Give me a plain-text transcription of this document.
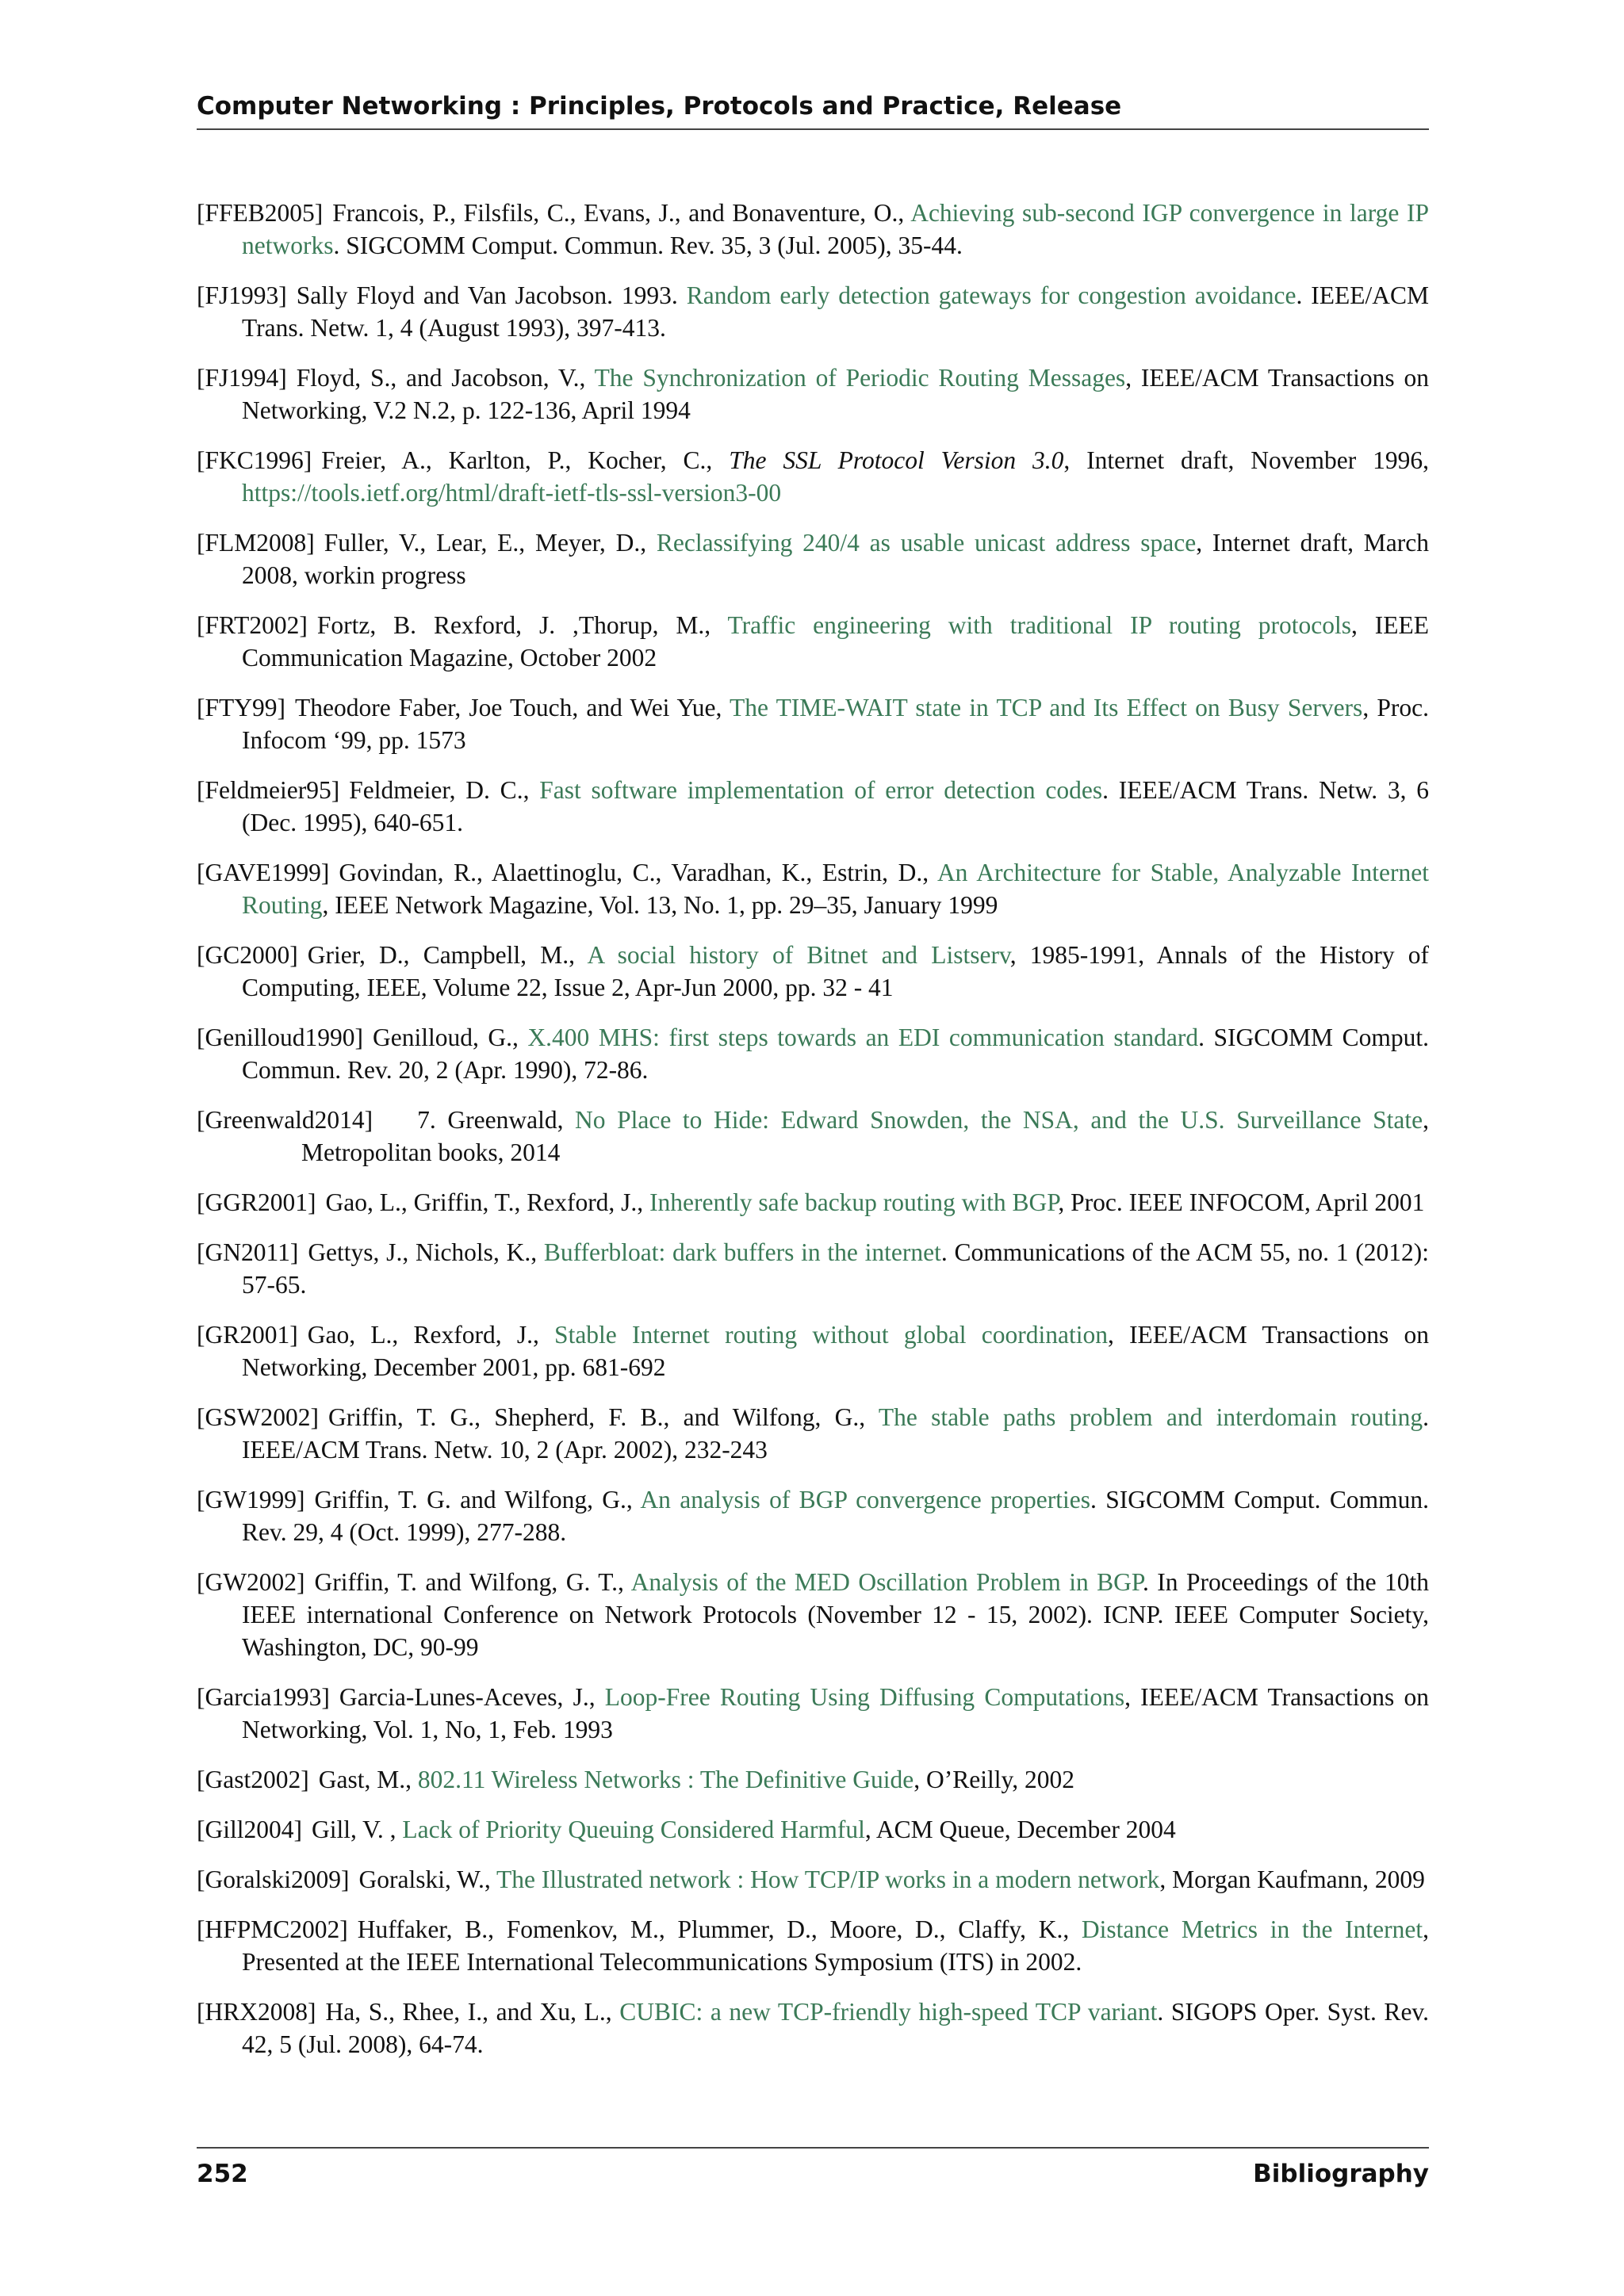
Computer Networking : Principles, Protocols and Practice, Release

[FFEB2005] Francois, P., Filsfils, C., Evans, J., and Bonaventure, O., Achieving sub-second IGP convergence in large IP networks. SIGCOMM Comput. Commun. Rev. 35, 3 (Jul. 2005), 35-44.

[FJ1993] Sally Floyd and Van Jacobson. 1993. Random early detection gateways for congestion avoidance. IEEE/ACM Trans. Netw. 1, 4 (August 1993), 397-413.

[FJ1994] Floyd, S., and Jacobson, V., The Synchronization of Periodic Routing Messages, IEEE/ACM Transactions on Networking, V.2 N.2, p. 122-136, April 1994

[FKC1996] Freier, A., Karlton, P., Kocher, C., The SSL Protocol Version 3.0, Internet draft, November 1996, https://tools.ietf.org/html/draft-ietf-tls-ssl-version3-00

[FLM2008] Fuller, V., Lear, E., Meyer, D., Reclassifying 240/4 as usable unicast address space, Internet draft, March 2008, workin progress

[FRT2002] Fortz, B. Rexford, J. ,Thorup, M., Traffic engineering with traditional IP routing protocols, IEEE Communication Magazine, October 2002

[FTY99] Theodore Faber, Joe Touch, and Wei Yue, The TIME-WAIT state in TCP and Its Effect on Busy Servers, Proc. Infocom ‘99, pp. 1573

[Feldmeier95] Feldmeier, D. C., Fast software implementation of error detection codes. IEEE/ACM Trans. Netw. 3, 6 (Dec. 1995), 640-651.

[GAVE1999] Govindan, R., Alaettinoglu, C., Varadhan, K., Estrin, D., An Architecture for Stable, Analyzable Internet Routing, IEEE Network Magazine, Vol. 13, No. 1, pp. 29–35, January 1999

[GC2000] Grier, D., Campbell, M., A social history of Bitnet and Listserv, 1985-1991, Annals of the History of Computing, IEEE, Volume 22, Issue 2, Apr-Jun 2000, pp. 32 - 41

[Genilloud1990] Genilloud, G., X.400 MHS: first steps towards an EDI communication standard. SIGCOMM Comput. Commun. Rev. 20, 2 (Apr. 1990), 72-86.

[Greenwald2014] 7. Greenwald, No Place to Hide: Edward Snowden, the NSA, and the U.S. Surveillance State, Metropolitan books, 2014

[GGR2001] Gao, L., Griffin, T., Rexford, J., Inherently safe backup routing with BGP, Proc. IEEE INFOCOM, April 2001

[GN2011] Gettys, J., Nichols, K., Bufferbloat: dark buffers in the internet. Communications of the ACM 55, no. 1 (2012): 57-65.

[GR2001] Gao, L., Rexford, J., Stable Internet routing without global coordination, IEEE/ACM Transactions on Networking, December 2001, pp. 681-692

[GSW2002] Griffin, T. G., Shepherd, F. B., and Wilfong, G., The stable paths problem and interdomain routing. IEEE/ACM Trans. Netw. 10, 2 (Apr. 2002), 232-243

[GW1999] Griffin, T. G. and Wilfong, G., An analysis of BGP convergence properties. SIGCOMM Comput. Commun. Rev. 29, 4 (Oct. 1999), 277-288.

[GW2002] Griffin, T. and Wilfong, G. T., Analysis of the MED Oscillation Problem in BGP. In Proceedings of the 10th IEEE international Conference on Network Protocols (November 12 - 15, 2002). ICNP. IEEE Computer Society, Washington, DC, 90-99

[Garcia1993] Garcia-Lunes-Aceves, J., Loop-Free Routing Using Diffusing Computations, IEEE/ACM Transactions on Networking, Vol. 1, No, 1, Feb. 1993

[Gast2002] Gast, M., 802.11 Wireless Networks : The Definitive Guide, O’Reilly, 2002

[Gill2004] Gill, V. , Lack of Priority Queuing Considered Harmful, ACM Queue, December 2004

[Goralski2009] Goralski, W., The Illustrated network : How TCP/IP works in a modern network, Morgan Kaufmann, 2009

[HFPMC2002] Huffaker, B., Fomenkov, M., Plummer, D., Moore, D., Claffy, K., Distance Metrics in the Internet, Presented at the IEEE International Telecommunications Symposium (ITS) in 2002.

[HRX2008] Ha, S., Rhee, I., and Xu, L., CUBIC: a new TCP-friendly high-speed TCP variant. SIGOPS Oper. Syst. Rev. 42, 5 (Jul. 2008), 64-74.

252	Bibliography
